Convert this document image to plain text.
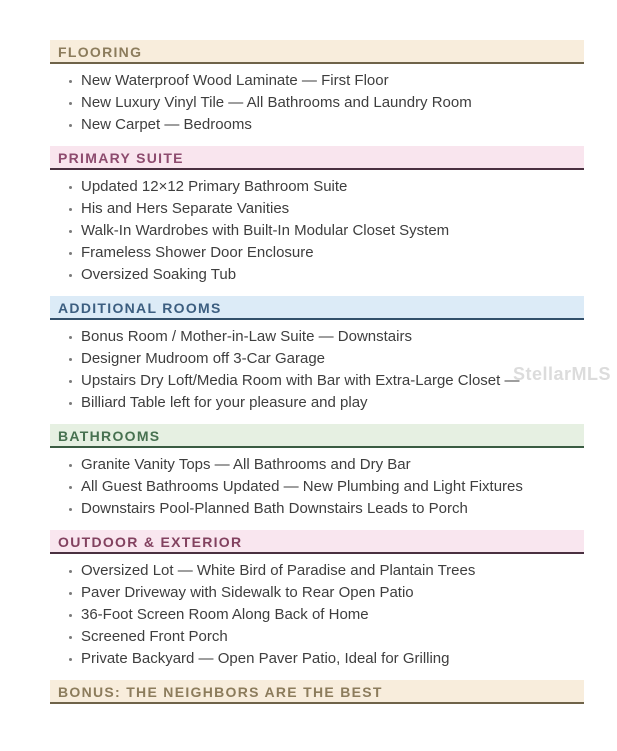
StellarMLS
FLOORING
New Waterproof Wood Laminate — First Floor
New Luxury Vinyl Tile — All Bathrooms and Laundry Room
New Carpet — Bedrooms
PRIMARY SUITE
Updated 12×12 Primary Bathroom Suite
His and Hers Separate Vanities
Walk-In Wardrobes with Built-In Modular Closet System
Frameless Shower Door Enclosure
Oversized Soaking Tub
ADDITIONAL ROOMS
Bonus Room / Mother-in-Law Suite — Downstairs
Designer Mudroom off 3-Car Garage
Upstairs Dry Loft/Media Room with Bar with Extra-Large Closet —
Billiard Table left for your pleasure and play
BATHROOMS
Granite Vanity Tops — All Bathrooms and Dry Bar
All Guest Bathrooms Updated — New Plumbing and Light Fixtures
Downstairs Pool-Planned Bath Downstairs Leads to Porch
OUTDOOR & EXTERIOR
Oversized Lot — White Bird of Paradise and Plantain Trees
Paver Driveway with Sidewalk to Rear Open Patio
36-Foot Screen Room Along Back of Home
Screened Front Porch
Private Backyard — Open Paver Patio, Ideal for Grilling
BONUS: THE NEIGHBORS ARE THE BEST
